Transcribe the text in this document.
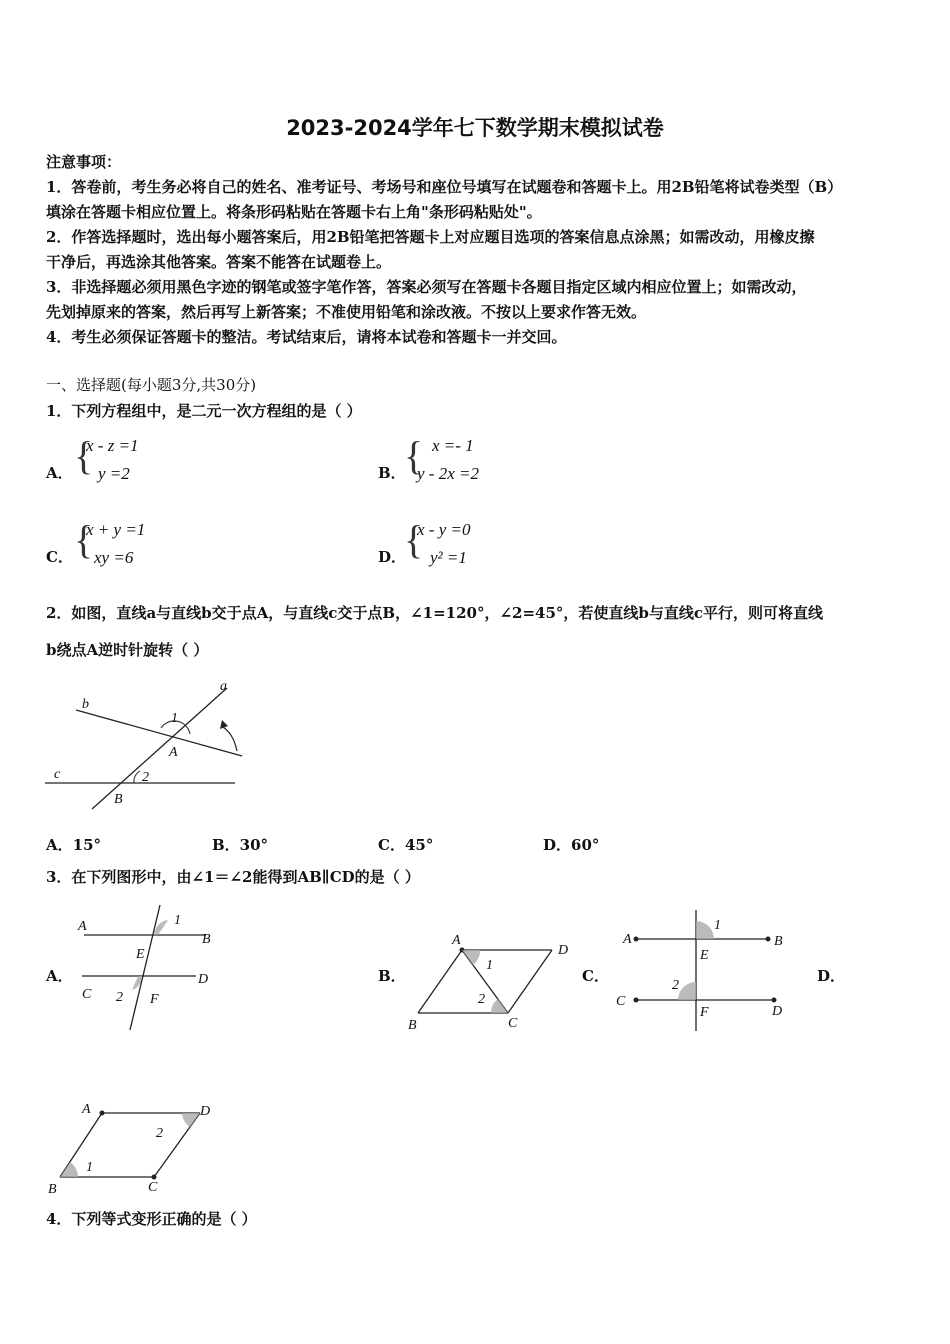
2023-2024学年七下数学期末模拟试卷
注意事项：
1．答卷前，考生务必将自己的姓名、准考证号、考场号和座位号填写在试题卷和答题卡上。用2B铅笔将试卷类型（B）
填涂在答题卡相应位置上。将条形码粘贴在答题卡右上角"条形码粘贴处"。
2．作答选择题时，选出每小题答案后，用2B铅笔把答题卡上对应题目选项的答案信息点涂黑；如需改动，用橡皮擦
干净后，再选涂其他答案。答案不能答在试题卷上。
3．非选择题必须用黑色字迹的钢笔或签字笔作答，答案必须写在答题卡各题目指定区域内相应位置上；如需改动，
先划掉原来的答案，然后再写上新答案；不准使用铅笔和涂改液。不按以上要求作答无效。
4．考生必须保证答题卡的整洁。考试结束后，请将本试卷和答题卡一并交回。
一、选择题(每小题3分,共30分)
1．下列方程组中，是二元一次方程组的是（ ）
A． {
x - z =1
y =2	B．
{ x =- 1
y - 2x =2
C． {
x + y =1
xy =6	D．
{
x - y =0
y² =1
2．如图，直线a与直线b交于点A，与直线c交于点B，∠1=120°，∠2=45°，若使直线b与直线c平行，则可将直线
b绕点A逆时针旋转（ ）
a
b
c
A
B
1
2
A．15°	B．30°	C．45°	D．60°
3．在下列图形中，由∠1＝∠2能得到AB∥CD的是（ ）
A．
A
B
C
D
E
F
1
2
B．
A
B	C
D
1
2
C．
A	B
C
D
E
F
1
2
D．
A
B	C
D
1
2
4．下列等式变形正确的是（ ）
